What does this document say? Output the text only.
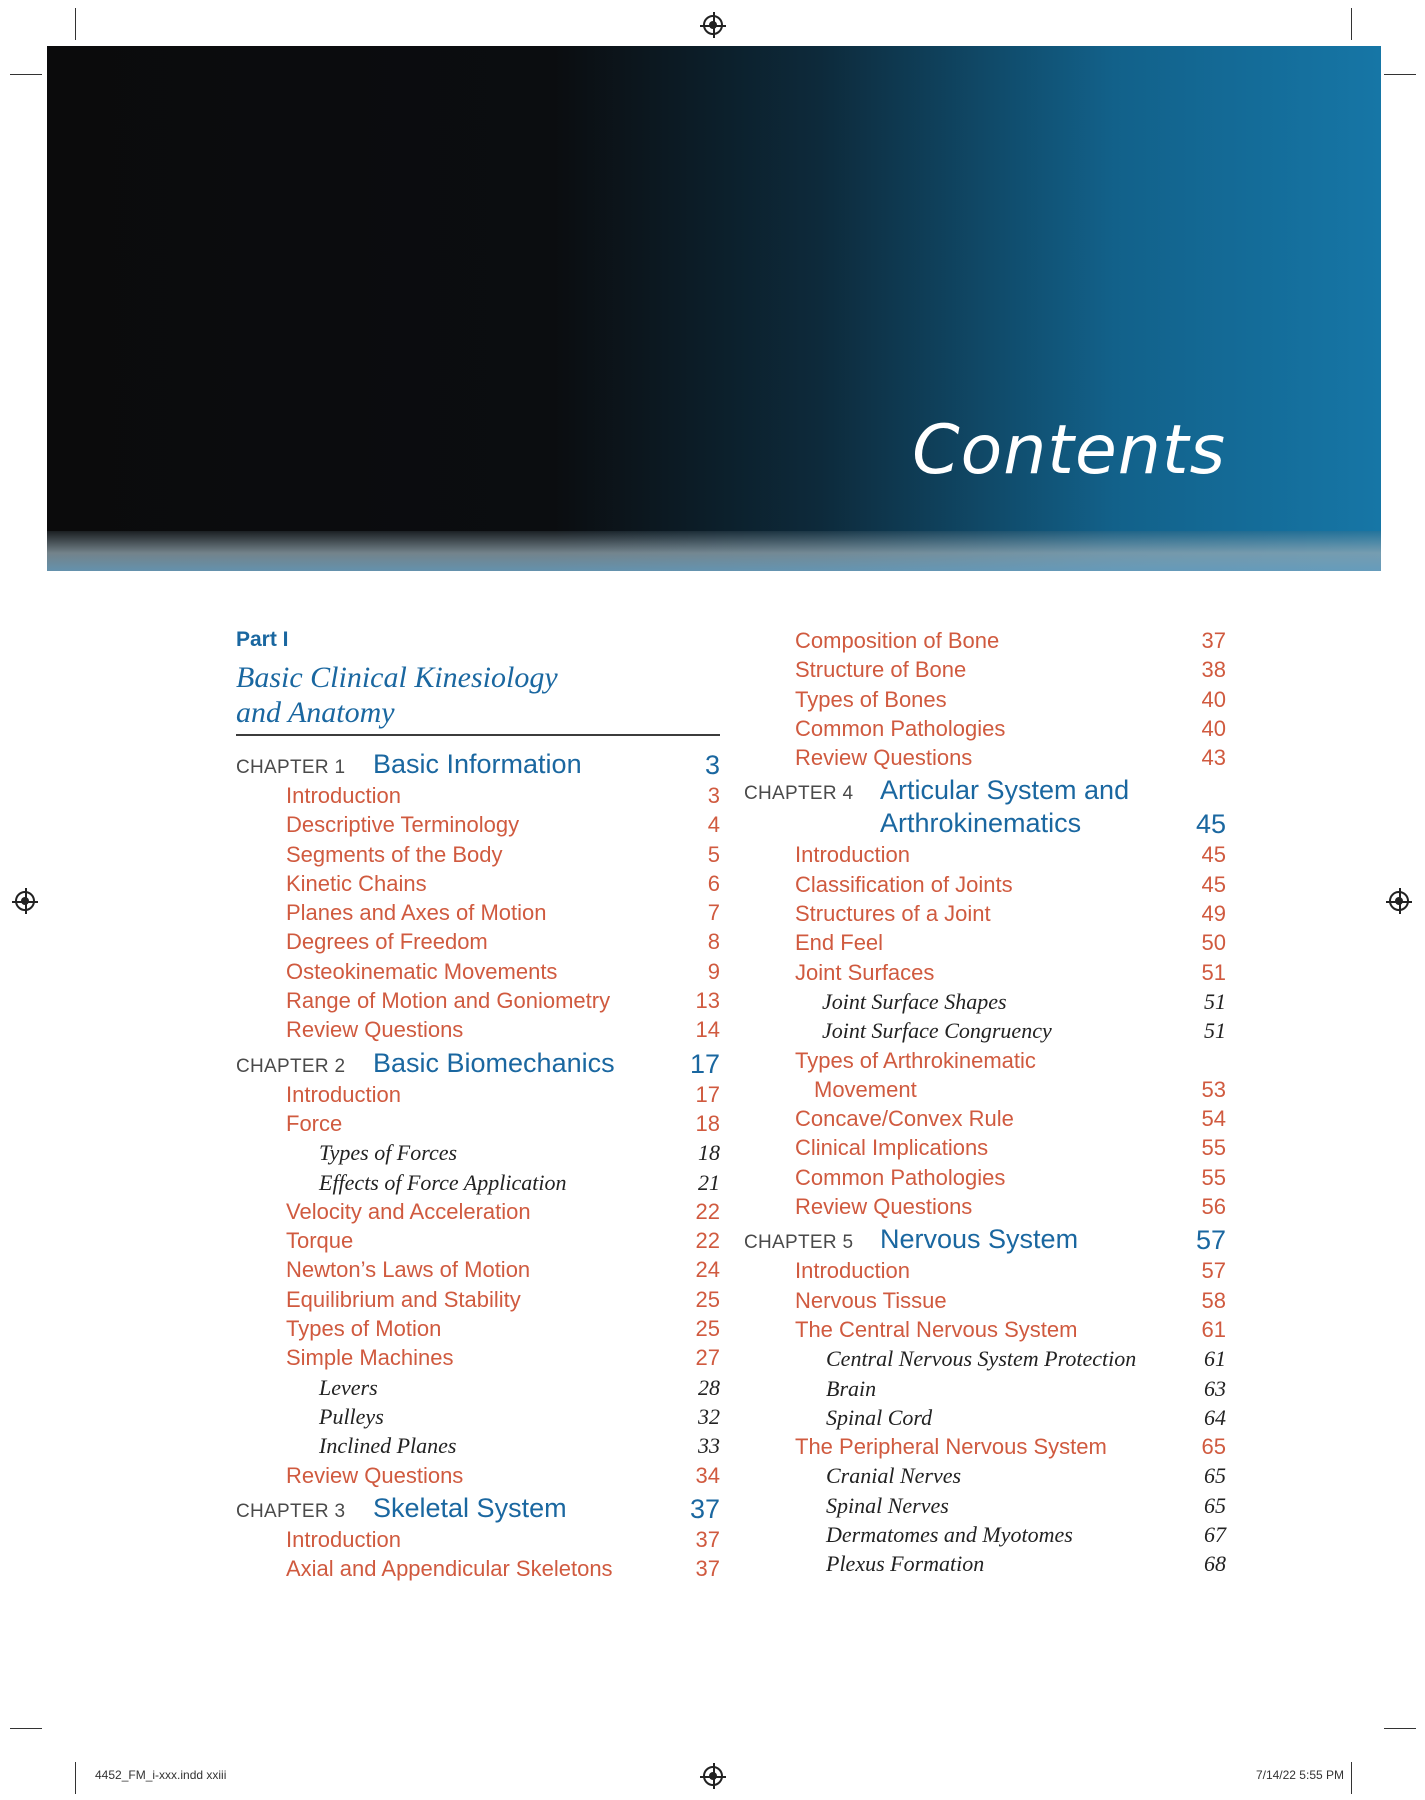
Contents
Part I
Basic Clinical Kinesiology
and Anatomy
CHAPTER 1 Basic Information	3
Introduction	3
Descriptive Terminology	4
Segments of the Body	5
Kinetic Chains	6
Planes and Axes of Motion	7
Degrees of Freedom	8
Osteokinematic Movements	9
Range of Motion and Goniometry	13
Review Questions	14
CHAPTER 2 Basic Biomechanics	17
Introduction	17
Force	18
Types of Forces	18
Effects of Force Application	21
Velocity and Acceleration	22
Torque	22
Newton’s Laws of Motion	24
Equilibrium and Stability	25
Types of Motion	25
Simple Machines	27
Levers	28
Pulleys	32
Inclined Planes	33
Review Questions	34
CHAPTER 3 Skeletal System	37
Introduction	37
Axial and Appendicular Skeletons	37
Composition of Bone	37
Structure of Bone	38
Types of Bones	40
Common Pathologies	40
Review Questions	43
CHAPTER 4 Articular System and
Arthrokinematics	45
Introduction	45
Classification of Joints	45
Structures of a Joint	49
End Feel	50
Joint Surfaces	51
Joint Surface Shapes	51
Joint Surface Congruency	51
Types of Arthrokinematic
Movement	53
Concave/Convex Rule	54
Clinical Implications	55
Common Pathologies	55
Review Questions	56
CHAPTER 5 Nervous System	57
Introduction	57
Nervous Tissue	58
The Central Nervous System	61
Central Nervous System Protection	61
Brain	63
Spinal Cord	64
The Peripheral Nervous System	65
Cranial Nerves	65
Spinal Nerves	65
Dermatomes and Myotomes	67
Plexus Formation	68
4452_FM_i-xxx.indd xxiii	7/14/22 5:55 PM
